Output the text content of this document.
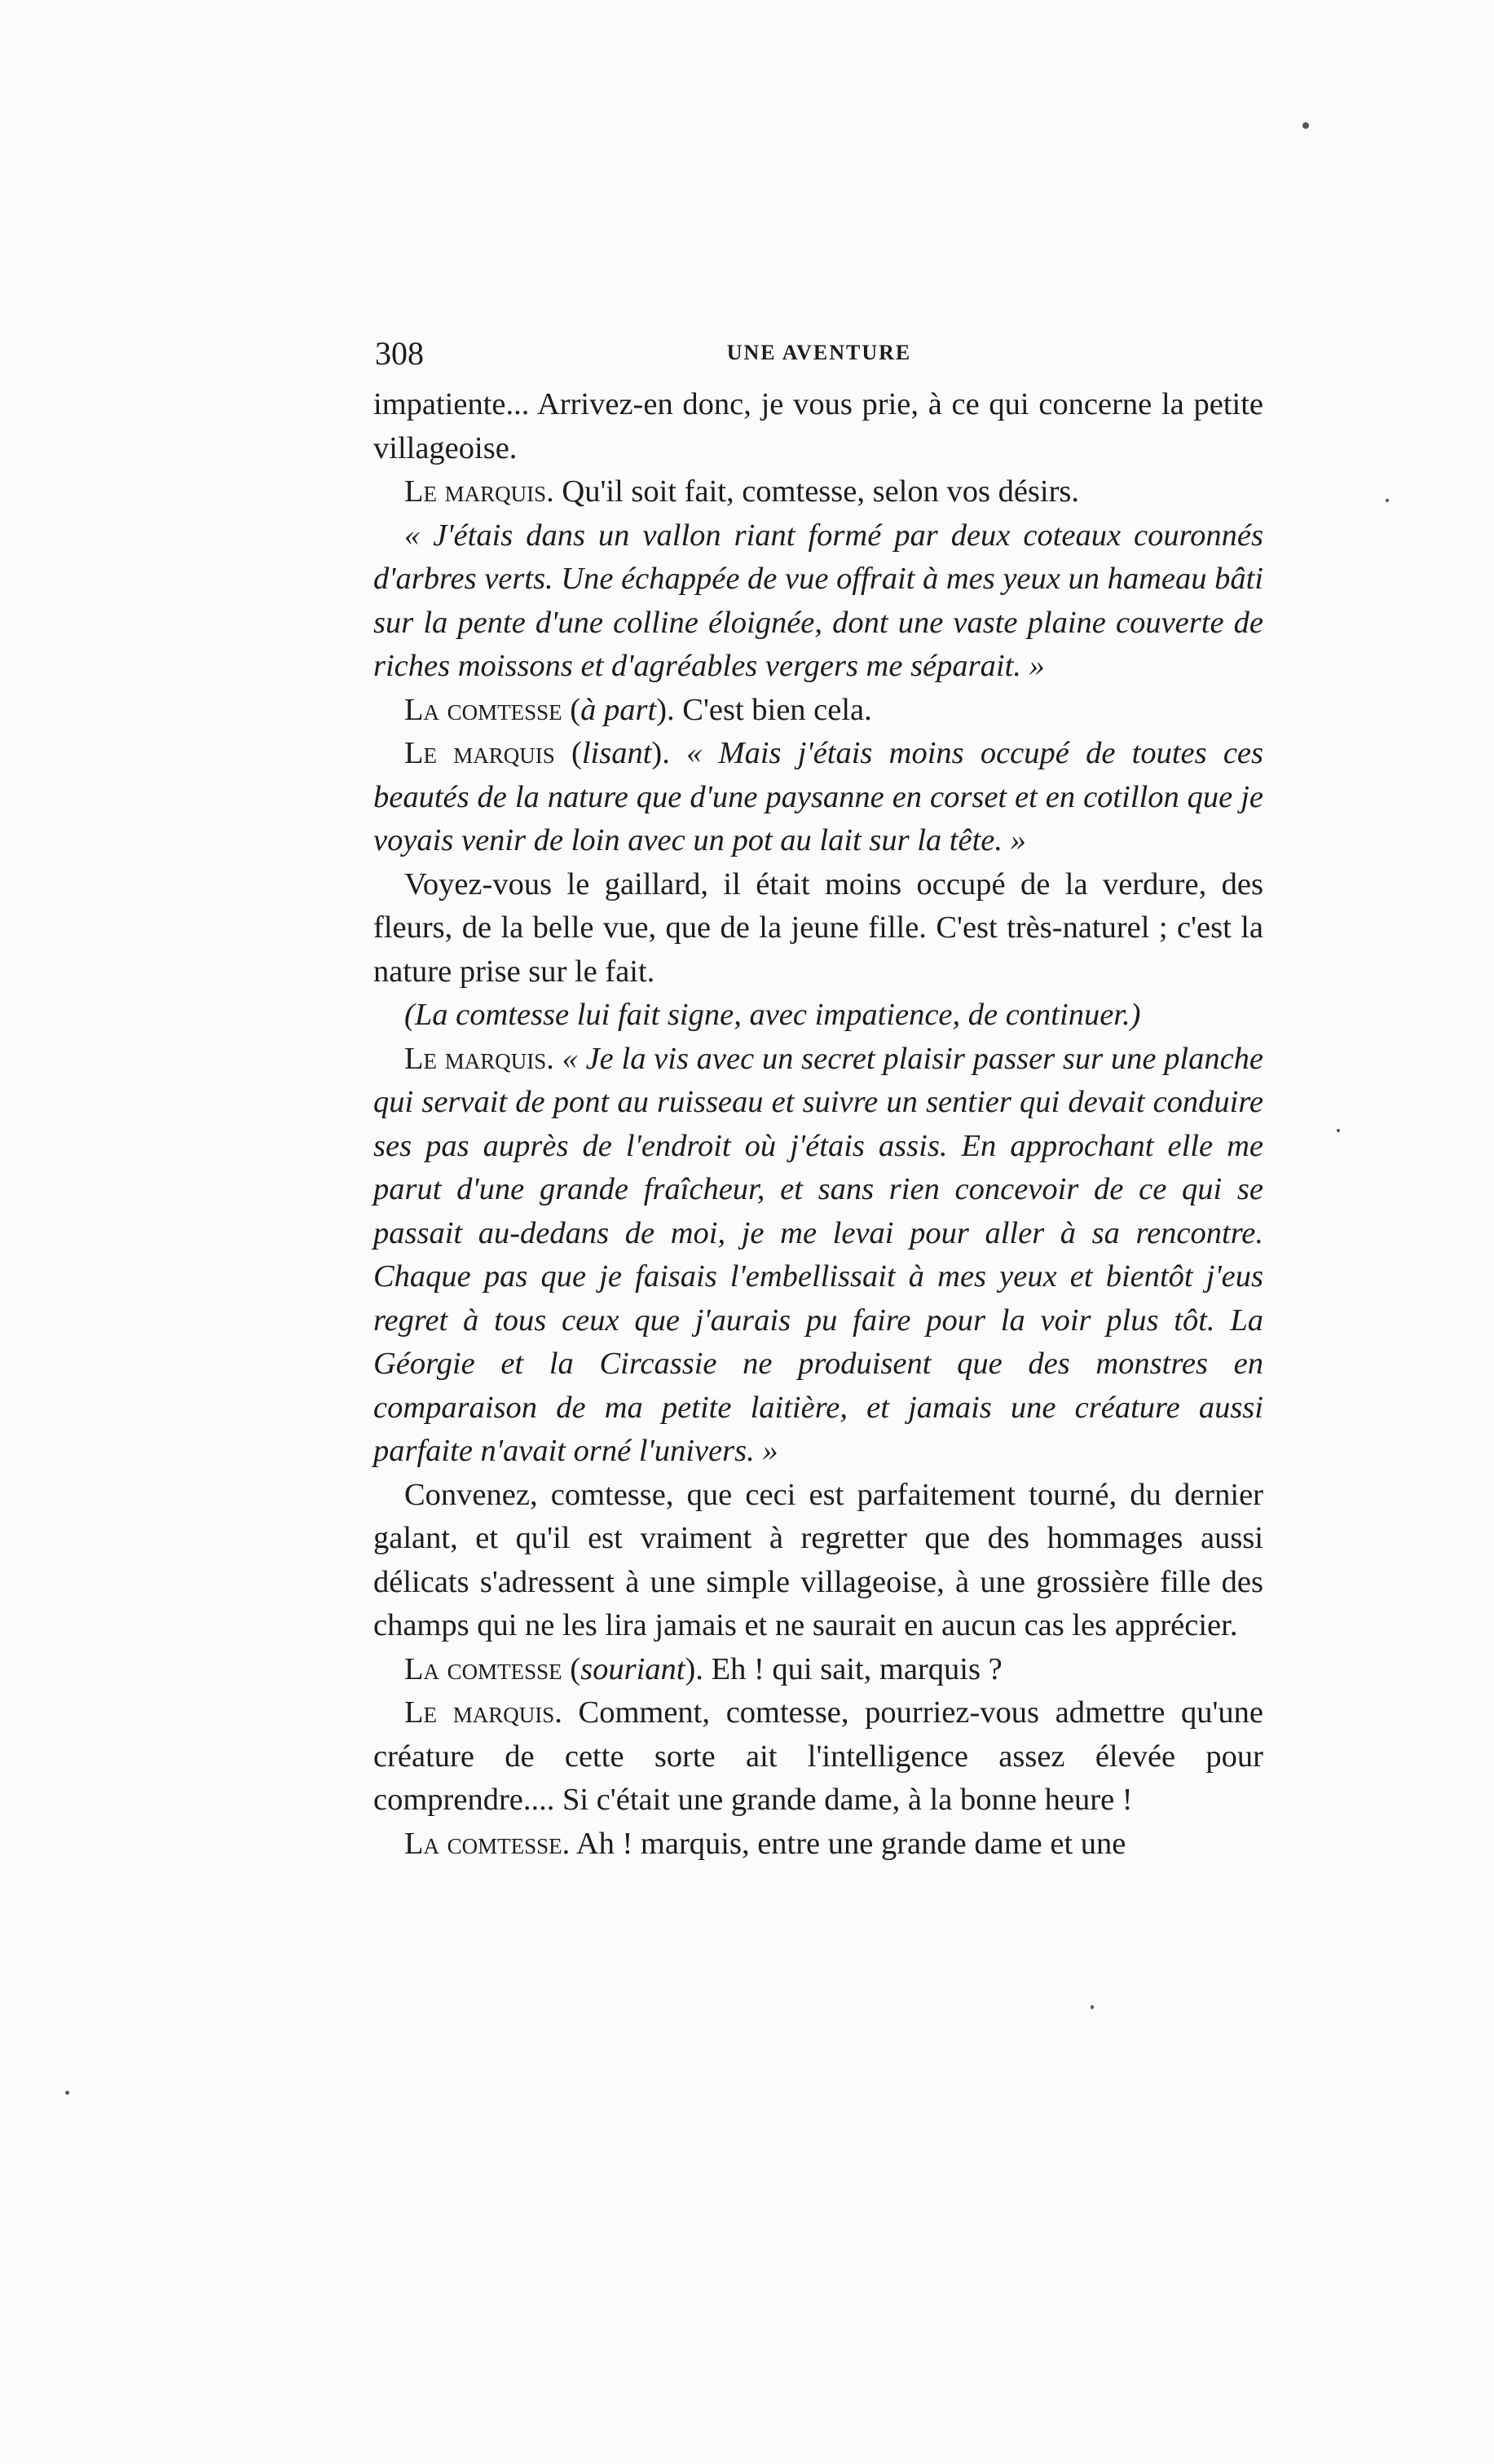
308	UNE AVENTURE

impatiente... Arrivez-en donc, je vous prie, à ce qui concerne la petite villageoise.

Le marquis. Qu'il soit fait, comtesse, selon vos désirs.

« J'étais dans un vallon riant formé par deux coteaux couronnés d'arbres verts. Une échappée de vue offrait à mes yeux un hameau bâti sur la pente d'une colline éloignée, dont une vaste plaine couverte de riches moissons et d'agréables vergers me séparait. »

La comtesse (à part). C'est bien cela.

Le marquis (lisant). « Mais j'étais moins occupé de toutes ces beautés de la nature que d'une paysanne en corset et en cotillon que je voyais venir de loin avec un pot au lait sur la tête. »

Voyez-vous le gaillard, il était moins occupé de la verdure, des fleurs, de la belle vue, que de la jeune fille. C'est très-naturel ; c'est la nature prise sur le fait.

(La comtesse lui fait signe, avec impatience, de continuer.)

Le marquis. « Je la vis avec un secret plaisir passer sur une planche qui servait de pont au ruisseau et suivre un sentier qui devait conduire ses pas auprès de l'endroit où j'étais assis. En approchant elle me parut d'une grande fraîcheur, et sans rien concevoir de ce qui se passait au-dedans de moi, je me levai pour aller à sa rencontre. Chaque pas que je faisais l'embellissait à mes yeux et bientôt j'eus regret à tous ceux que j'aurais pu faire pour la voir plus tôt. La Géorgie et la Circassie ne produisent que des monstres en comparaison de ma petite laitière, et jamais une créature aussi parfaite n'avait orné l'univers. »

Convenez, comtesse, que ceci est parfaitement tourné, du dernier galant, et qu'il est vraiment à regretter que des hommages aussi délicats s'adressent à une simple villageoise, à une grossière fille des champs qui ne les lira jamais et ne saurait en aucun cas les apprécier.

La comtesse (souriant). Eh ! qui sait, marquis ?

Le marquis. Comment, comtesse, pourriez-vous admettre qu'une créature de cette sorte ait l'intelligence assez élevée pour comprendre.... Si c'était une grande dame, à la bonne heure !

La comtesse. Ah ! marquis, entre une grande dame et une
